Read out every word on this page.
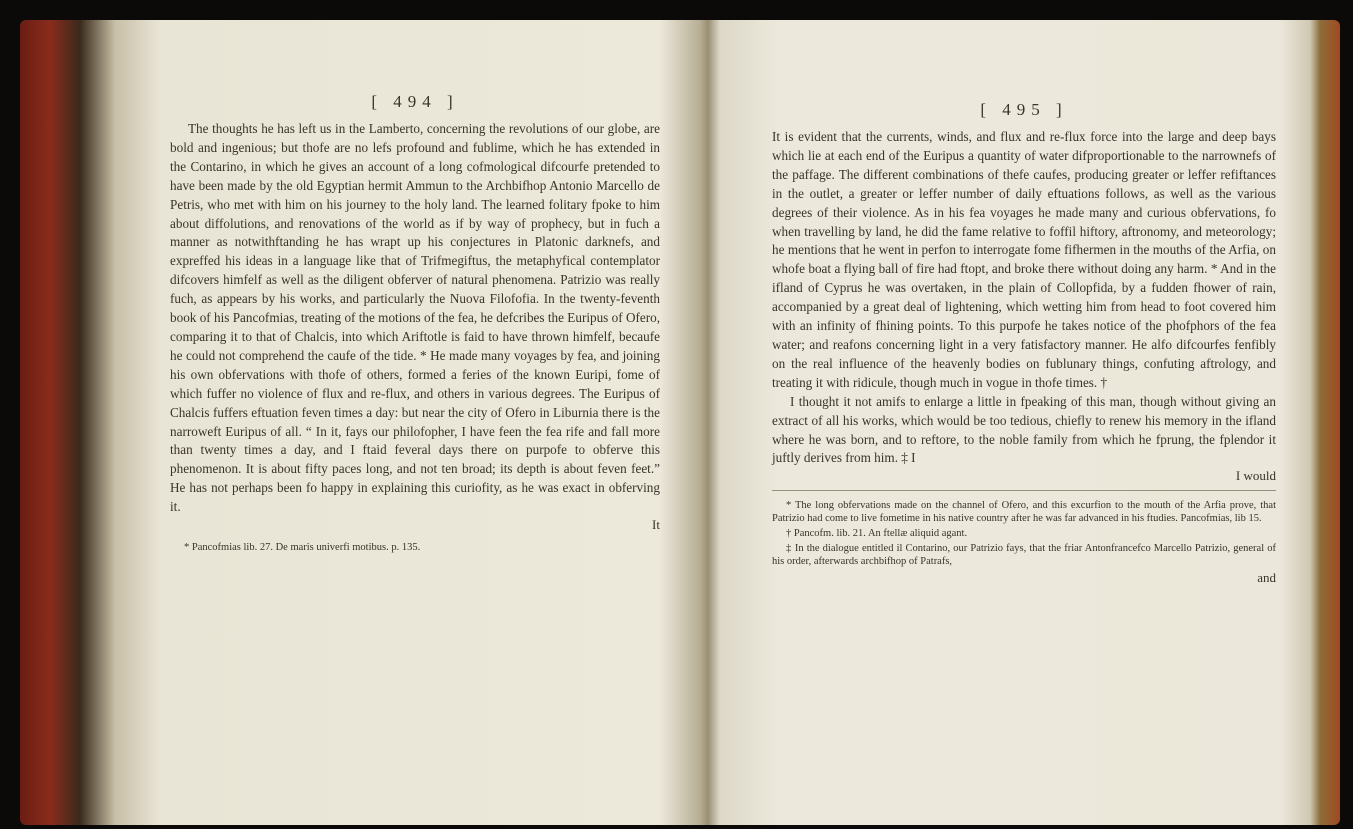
[ 494 ]

The thoughts he has left us in the Lamberto, concerning the revolutions of our globe, are bold and ingenious; but thofe are no lefs profound and fublime, which he has extended in the Contarino, in which he gives an account of a long cofmological difcourfe pretended to have been made by the old Egyptian hermit Ammun to the Archbifhop Antonio Marcello de Petris, who met with him on his journey to the holy land. The learned folitary fpoke to him about diffolutions, and renovations of the world as if by way of prophecy, but in fuch a manner as notwithftanding he has wrapt up his conjectures in Platonic darknefs, and expreffed his ideas in a language like that of Trifmegiftus, the metaphyfical contemplator difcovers himfelf as well as the diligent obferver of natural phenomena. Patrizio was really fuch, as appears by his works, and particularly the Nuova Filofofia. In the twenty-feventh book of his Pancofmias, treating of the motions of the fea, he defcribes the Euripus of Ofero, comparing it to that of Chalcis, into which Ariftotle is faid to have thrown himfelf, becaufe he could not comprehend the caufe of the tide. * He made many voyages by fea, and joining his own obfervations with thofe of others, formed a feries of the known Euripi, fome of which fuffer no violence of flux and re-flux, and others in various degrees. The Euripus of Chalcis fuffers eftuation feven times a day: but near the city of Ofero in Liburnia there is the narroweft Euripus of all. “ In it, fays our philofopher, I have feen the fea rife and fall more than twenty times a day, and I ftaid feveral days there on purpofe to obferve this phenomenon. It is about fifty paces long, and not ten broad; its depth is about feven feet.” He has not perhaps been fo happy in explaining this curiofity, as he was exact in obferving it.

It

* Pancofmias lib. 27. De maris univerfi motibus. p. 135.

[ 495 ]

It is evident that the currents, winds, and flux and re-flux force into the large and deep bays which lie at each end of the Euripus a quantity of water difproportionable to the narrownefs of the paffage. The different combinations of thefe caufes, producing greater or leffer refiftances in the outlet, a greater or leffer number of daily eftuations follows, as well as the various degrees of their violence. As in his fea voyages he made many and curious obfervations, fo when travelling by land, he did the fame relative to foffil hiftory, aftronomy, and meteorology; he mentions that he went in perfon to interrogate fome fifhermen in the mouths of the Arfia, on whofe boat a flying ball of fire had ftopt, and broke there without doing any harm. * And in the ifland of Cyprus he was overtaken, in the plain of Collopfida, by a fudden fhower of rain, accompanied by a great deal of lightening, which wetting him from head to foot covered him with an infinity of fhining points. To this purpofe he takes notice of the phofphors of the fea water; and reafons concerning light in a very fatisfactory manner. He alfo difcourfes fenfibly on the real influence of the heavenly bodies on fublunary things, confuting aftrology, and treating it with ridicule, though much in vogue in thofe times. †

I thought it not amifs to enlarge a little in fpeaking of this man, though without giving an extract of all his works, which would be too tedious, chiefly to renew his memory in the ifland where he was born, and to reftore, to the noble family from which he fprung, the fplendor it juftly derives from him. ‡ I

I would

* The long obfervations made on the channel of Ofero, and this excurfion to the mouth of the Arfia prove, that Patrizio had come to live fometime in his native country after he was far advanced in his ftudies. Pancofmias, lib 15.

† Pancofm. lib. 21. An ftellæ aliquid agant.

‡ In the dialogue entitled il Contarino, our Patrizio fays, that the friar Antonfrancefco Marcello Patrizio, general of his order, afterwards archbifhop of Patrafs,

and
